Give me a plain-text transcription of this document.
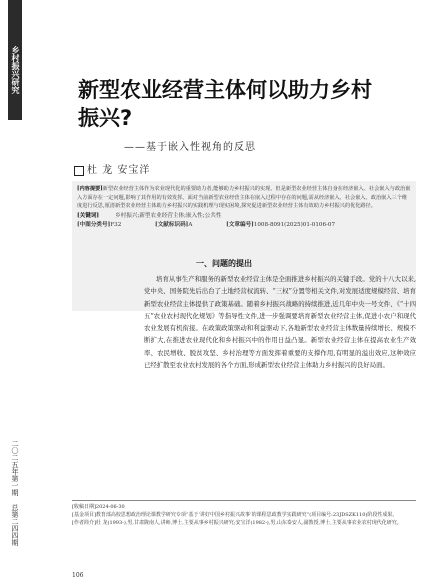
乡村振兴研究
二〇二五年第一期 总第二四四期
新型农业经营主体何以助力乡村振兴?
——基于嵌入性视角的反思
杜 龙 安宝洋
[内容提要]新型农业经营主体作为农业现代化的重要助力者,能够助力乡村振兴的实现。但是新型农业经营主体自身在经济嵌入、社会嵌入与政治嵌入方面存在一定问题,影响了其作用的有效发挥。面对当前新型农业经营主体在嵌入过程中存在的问题,需从经济嵌入、社会嵌入、政治嵌入三个维度进行反思,厘清新型农业经营主体助力乡村振兴的实践机理与现实困境,探究促进新型农业经营主体有效助力乡村振兴的优化路径。
[关键词]	乡村振兴;新型农业经营主体;嵌入性;公共性
[中图分类号]F32	[文献标识码]A	[文章编号]1008-8091(2025)01-0106-07
一、问题的提出
培育从事生产和服务的新型农业经营主体是全面推进乡村振兴的关键手段。党的十八大以来,党中央、国务院先后出台了土地经营权流转、“三权”分置等相关文件,对发展适度规模经营、培育新型农业经营主体提供了政策基础。随着乡村振兴战略的持续推进,近几年中央一号文件、《“十四五”农业农村现代化规划》等指导性文件,进一步强调要培育新型农业经营主体,促进小农户和现代农业发展有机衔接。在政策政策驱动和利益驱动下,各地新型农业经营主体数量持续增长、规模不断扩大,在推进农业现代化和乡村振兴中的作用日益凸显。新型农业经营主体在提高农业生产效率、农民增收、脱贫攻坚、乡村治理等方面发挥着重要的支撑作用,有明显的溢出效应,这种效应已经扩散至农业农村发展的各个方面,形成新型农业经营主体助力乡村振兴的良好局面。
[收稿日期]2024-06-30
[基金项目]教育部高校思想政治理论课教学研究专项“基于‘讲好中国乡村振兴故事’的课程思政教学实践研究”(项目编号:23JDSZK110)阶段性成果。
[作者简介]杜 龙(1993-),男,甘肃陇南人,讲师,博士,主要从事乡村振兴研究;安宝洋(1982-),男,山东泰安人,副教授,博士,主要从事农业农村现代化研究。
106
